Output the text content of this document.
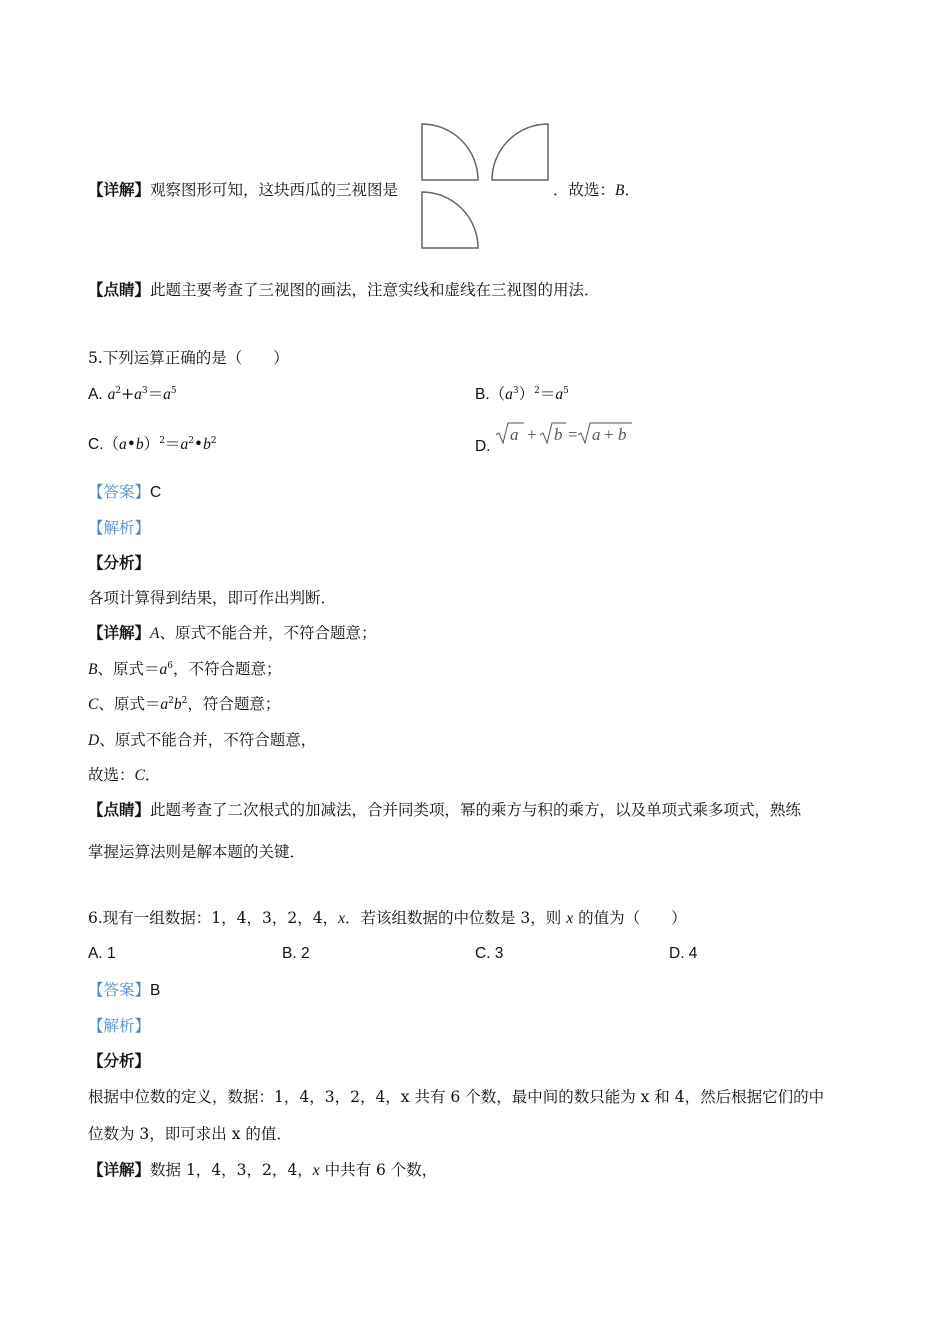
【详解】观察图形可知，这块西瓜的三视图是	．故选：B．
【点睛】此题主要考查了三视图的画法，注意实线和虚线在三视图的用法．
5.下列运算正确的是（　　）
A. $a^2+a^3=a^5$	$B.(a^3)^2=a^5$
$C.(a•b)^2=a^2•b^2$	D.
a b a b
+ = +
【答案】C
【解析】
【分析】
各项计算得到结果，即可作出判断．
【详解】A、原式不能合并，不符合题意；
B、原式$=a^6$，不符合题意；
C、原式$=a^2b^2$，符合题意；
D、原式不能合并，不符合题意，
故选：C．
【点睛】此题考查了二次根式的加减法，合并同类项，幂的乘方与积的乘方，以及单项式乘多项式，熟练
掌握运算法则是解本题的关键．
6.现有一组数据：1，4，3，2，4，x．若该组数据的中位数是 3，则 x 的值为（　　）
A. 1	B. 2	C. 3	D. 4
【答案】B
【解析】
【分析】
根据中位数的定义，数据：1，4，3，2，4，x 共有 6 个数，最中间的数只能为 x 和 4，然后根据它们的中
位数为 3，即可求出 x 的值．
【详解】数据 1，4，3，2，4，x 中共有 6 个数，
